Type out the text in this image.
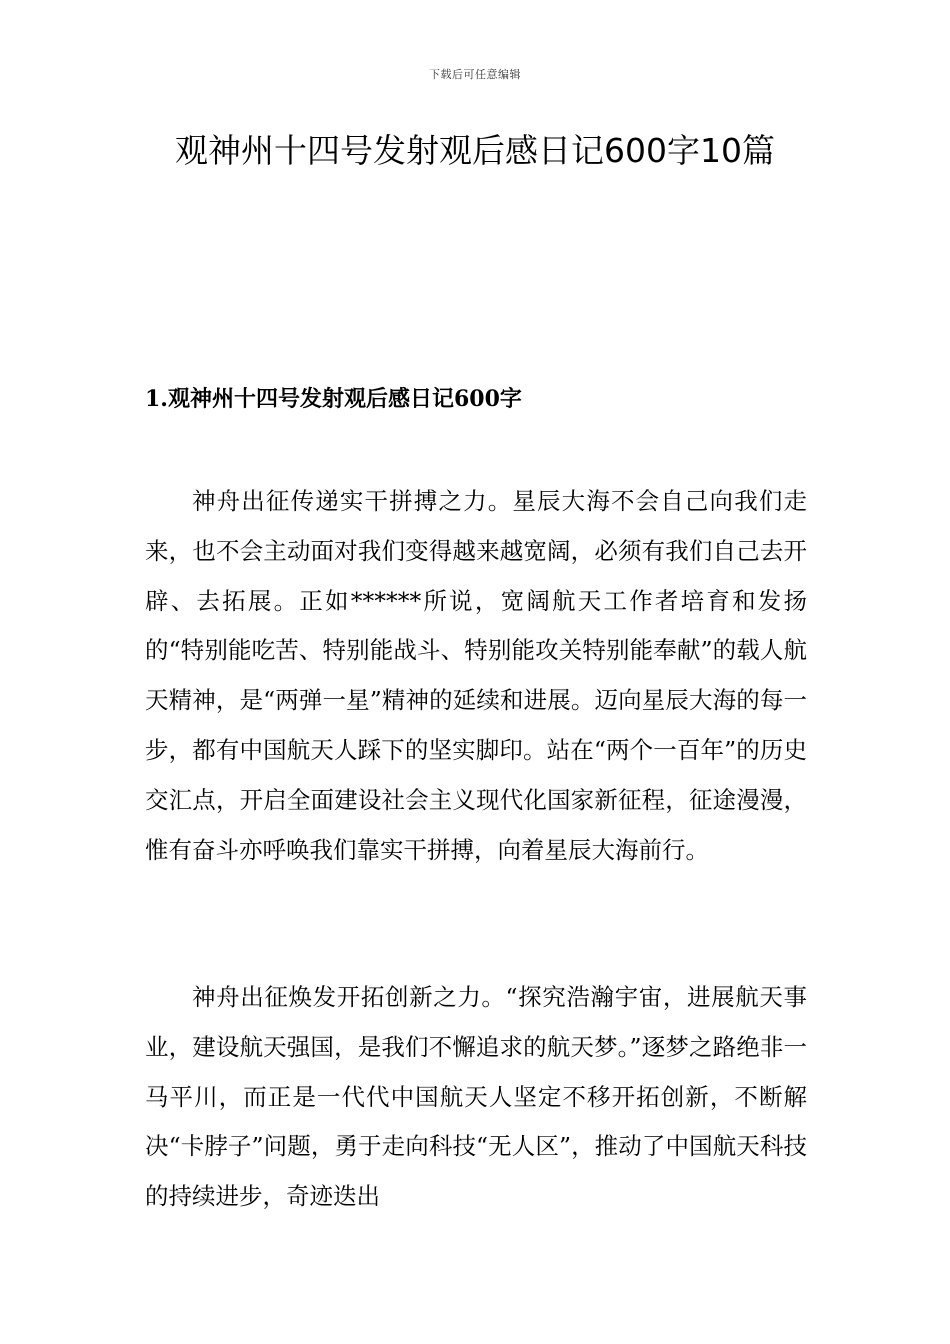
下载后可任意编辑
观神州十四号发射观后感日记600字10篇
1.观神州十四号发射观后感日记600字

神舟出征传递实干拼搏之力。星辰大海不会自己向我们走来，也不会主动面对我们变得越来越宽阔，必须有我们自己去开辟、去拓展。正如******所说，宽阔航天工作者培育和发扬的“特别能吃苦、特别能战斗、特别能攻关特别能奉献”的载人航天精神，是“两弹一星”精神的延续和进展。迈向星辰大海的每一步，都有中国航天人踩下的坚实脚印。站在“两个一百年”的历史交汇点，开启全面建设社会主义现代化国家新征程，征途漫漫，惟有奋斗亦呼唤我们靠实干拼搏，向着星辰大海前行。

神舟出征焕发开拓创新之力。“探究浩瀚宇宙，进展航天事业，建设航天强国，是我们不懈追求的航天梦。”逐梦之路绝非一马平川，而正是一代代中国航天人坚定不移开拓创新，不断解决“卡脖子”问题，勇于走向科技“无人区”，推动了中国航天科技的持续进步，奇迹迭出
